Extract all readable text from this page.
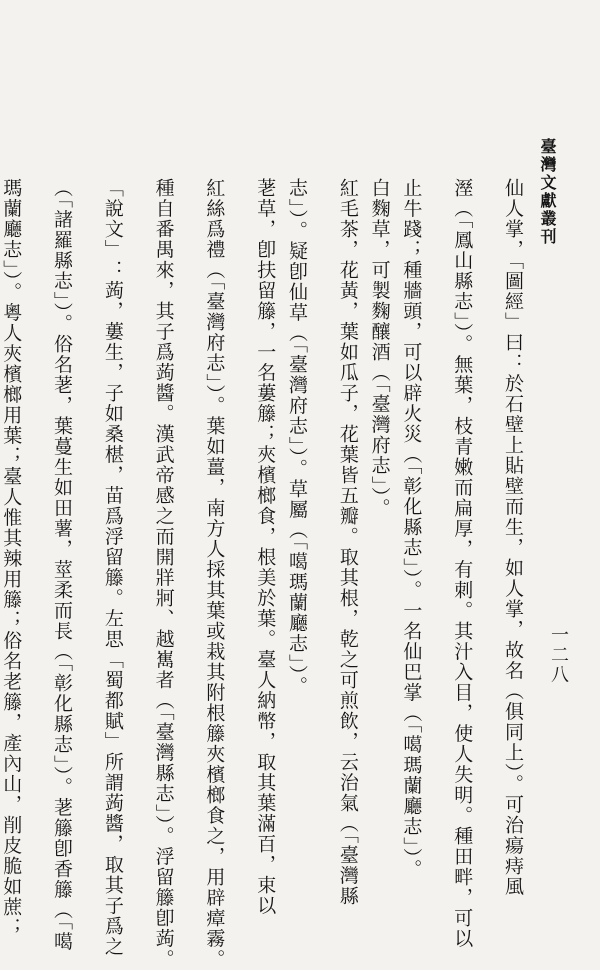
臺灣文獻叢刊
一二八
仙人掌，「圖經」曰：於石壁上貼壁而生，如人掌，故名（俱同上）。可治瘍痔風
溼（「鳳山縣志」）。無葉，枝青嫩而扁厚，有刺。其汁入目，使人失明。種田畔，可以
止牛踐；種牆頭，可以辟火災（「彰化縣志」）。一名仙巴掌（「噶瑪蘭廳志」）。
白麴草，可製麴釀酒（「臺灣府志」）。
紅毛茶，花黃，葉如瓜子，花葉皆五瓣。取其根，乾之可煎飲，云治氣（「臺灣縣
志」）。疑卽仙草（「臺灣府志」）。草屬（「噶瑪蘭廳志」）。
荖草，卽扶留籐，一名蔞籐；夾檳榔食，根美於葉。臺人納幣，取其葉滿百，束以
紅絲爲禮（「臺灣府志」）。葉如薑，南方人採其葉或栽其附根籐夾檳榔食之，用辟瘴霧。
種自番禺來，其子爲蒟醬。漢武帝感之而開牂牁、越嶲者（「臺灣縣志」）。浮留籐卽蒟。
「說文」：蒟，蔞生，子如桑椹，苗爲浮留籐。左思「蜀都賦」所謂蒟醬，取其子爲之
（「諸羅縣志」）。俗名荖，葉蔓生如田薯，莖柔而長（「彰化縣志」）。荖籐卽香籐（「噶
瑪蘭廳志」）。粵人夾檳榔用葉；臺人惟其辣用籐；俗名老籐，產內山，削皮脆如蔗；
